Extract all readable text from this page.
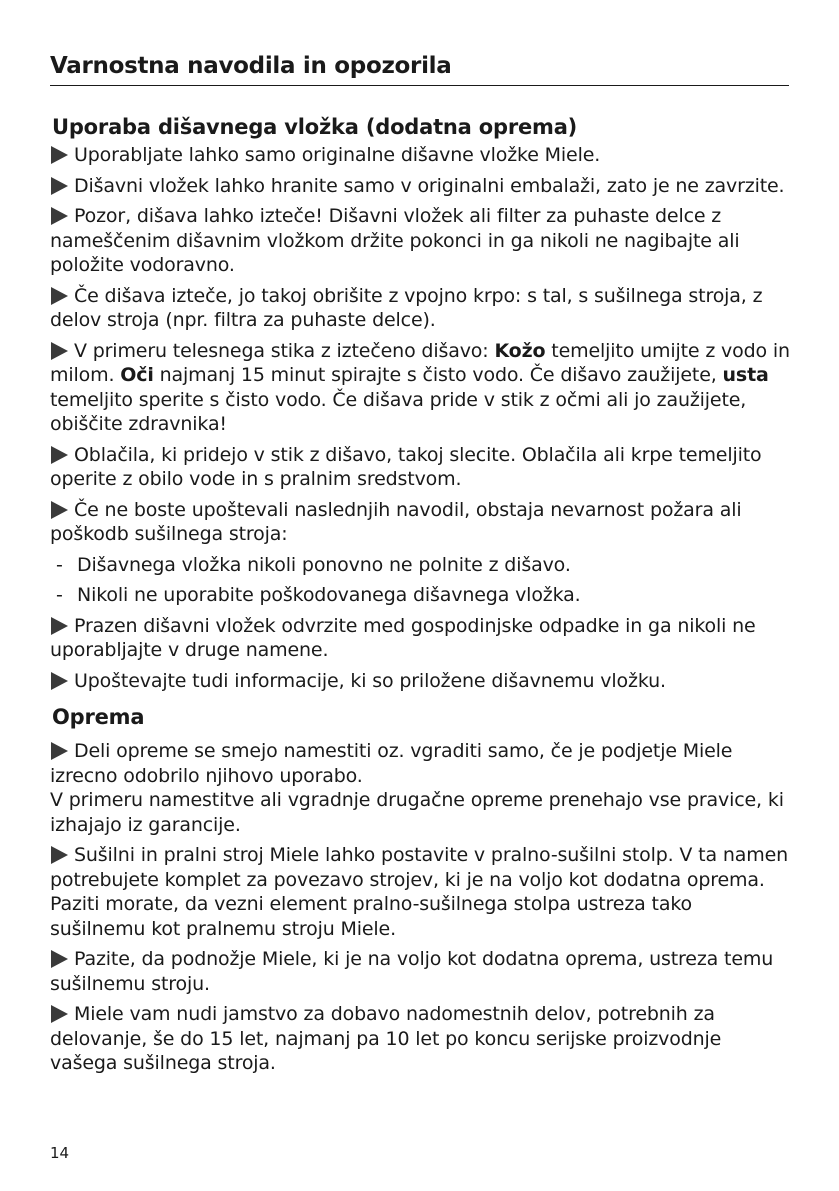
Varnostna navodila in opozorila
Uporaba dišavnega vložka (dodatna oprema)

Uporabljate lahko samo originalne dišavne vložke Miele.

Dišavni vložek lahko hranite samo v originalni embalaži, zato je ne zavrzite.

Pozor, dišava lahko izteče! Dišavni vložek ali filter za puhaste delce z nameščenim dišavnim vložkom držite pokonci in ga nikoli ne nagibajte ali položite vodoravno.

Če dišava izteče, jo takoj obrišite z vpojno krpo: s tal, s sušilnega stroja, z delov stroja (npr. filtra za puhaste delce).

V primeru telesnega stika z iztečeno dišavo: Kožo temeljito umijte z vodo in milom. Oči najmanj 15 minut spirajte s čisto vodo. Če dišavo zaužijete, usta temeljito sperite s čisto vodo. Če dišava pride v stik z očmi ali jo zaužijete, obiščite zdravnika!

Oblačila, ki pridejo v stik z dišavo, takoj slecite. Oblačila ali krpe temeljito operite z obilo vode in s pralnim sredstvom.

Če ne boste upoštevali naslednjih navodil, obstaja nevarnost požara ali poškodb sušilnega stroja:

- Dišavnega vložka nikoli ponovno ne polnite z dišavo.

- Nikoli ne uporabite poškodovanega dišavnega vložka.

Prazen dišavni vložek odvrzite med gospodinjske odpadke in ga nikoli ne uporabljajte v druge namene.

Upoštevajte tudi informacije, ki so priložene dišavnemu vložku.

Oprema

Deli opreme se smejo namestiti oz. vgraditi samo, če je podjetje Miele izrecno odobrilo njihovo uporabo.

V primeru namestitve ali vgradnje drugačne opreme prenehajo vse pravice, ki izhajajo iz garancije.

Sušilni in pralni stroj Miele lahko postavite v pralno-sušilni stolp. V ta namen potrebujete komplet za povezavo strojev, ki je na voljo kot dodatna oprema. Paziti morate, da vezni element pralno-sušilnega stolpa ustreza tako sušilnemu kot pralnemu stroju Miele.

Pazite, da podnožje Miele, ki je na voljo kot dodatna oprema, ustreza temu sušilnemu stroju.

Miele vam nudi jamstvo za dobavo nadomestnih delov, potrebnih za delovanje, še do 15 let, najmanj pa 10 let po koncu serijske proizvodnje vašega sušilnega stroja.

14
